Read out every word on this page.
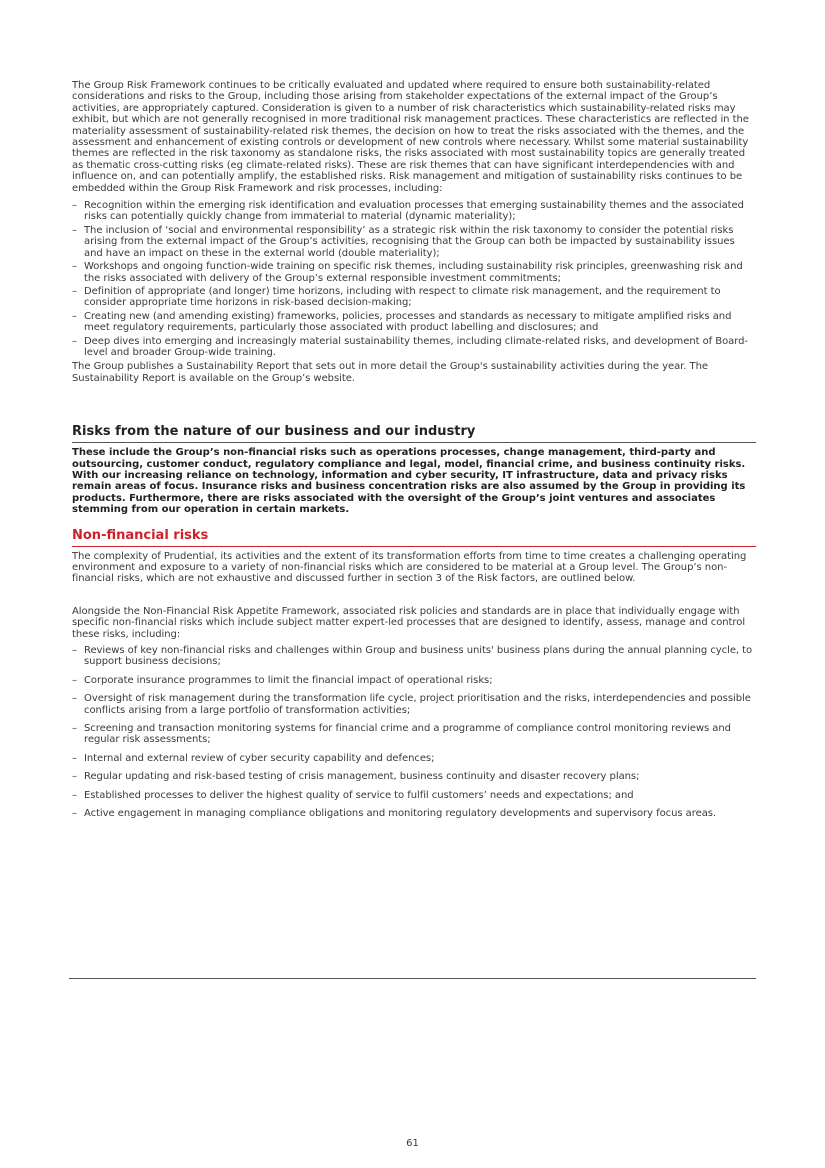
The Group Risk Framework continues to be critically evaluated and updated where required to ensure both sustainability-related considerations and risks to the Group, including those arising from stakeholder expectations of the external impact of the Group’s activities, are appropriately captured. Consideration is given to a number of risk characteristics which sustainability-related risks may exhibit, but which are not generally recognised in more traditional risk management practices. These characteristics are reflected in the materiality assessment of sustainability-related risk themes, the decision on how to treat the risks associated with the themes, and the assessment and enhancement of existing controls or development of new controls where necessary. Whilst some material sustainability themes are reflected in the risk taxonomy as standalone risks, the risks associated with most sustainability topics are generally treated as thematic cross-cutting risks (eg climate-related risks). These are risk themes that can have significant interdependencies with and influence on, and can potentially amplify, the established risks. Risk management and mitigation of sustainability risks continues to be embedded within the Group Risk Framework and risk processes, including:

– Recognition within the emerging risk identification and evaluation processes that emerging sustainability themes and the associated risks can potentially quickly change from immaterial to material (dynamic materiality);
– The inclusion of ‘social and environmental responsibility’ as a strategic risk within the risk taxonomy to consider the potential risks arising from the external impact of the Group’s activities, recognising that the Group can both be impacted by sustainability issues and have an impact on these in the external world (double materiality);
– Workshops and ongoing function-wide training on specific risk themes, including sustainability risk principles, greenwashing risk and the risks associated with delivery of the Group’s external responsible investment commitments;
– Definition of appropriate (and longer) time horizons, including with respect to climate risk management, and the requirement to consider appropriate time horizons in risk-based decision-making;
– Creating new (and amending existing) frameworks, policies, processes and standards as necessary to mitigate amplified risks and meet regulatory requirements, particularly those associated with product labelling and disclosures; and
– Deep dives into emerging and increasingly material sustainability themes, including climate-related risks, and development of Board-level and broader Group-wide training.

The Group publishes a Sustainability Report that sets out in more detail the Group's sustainability activities during the year. The Sustainability Report is available on the Group’s website.

Risks from the nature of our business and our industry
These include the Group’s non-financial risks such as operations processes, change management, third-party and outsourcing, customer conduct, regulatory compliance and legal, model, financial crime, and business continuity risks. With our increasing reliance on technology, information and cyber security, IT infrastructure, data and privacy risks remain areas of focus. Insurance risks and business concentration risks are also assumed by the Group in providing its products. Furthermore, there are risks associated with the oversight of the Group’s joint ventures and associates stemming from our operation in certain markets.
Non-financial risks

The complexity of Prudential, its activities and the extent of its transformation efforts from time to time creates a challenging operating environment and exposure to a variety of non-financial risks which are considered to be material at a Group level. The Group’s non-financial risks, which are not exhaustive and discussed further in section 3 of the Risk factors, are outlined below.

Alongside the Non-Financial Risk Appetite Framework, associated risk policies and standards are in place that individually engage with specific non-financial risks which include subject matter expert-led processes that are designed to identify, assess, manage and control these risks, including:

– Reviews of key non-financial risks and challenges within Group and business units' business plans during the annual planning cycle, to support business decisions;
– Corporate insurance programmes to limit the financial impact of operational risks;
– Oversight of risk management during the transformation life cycle, project prioritisation and the risks, interdependencies and possible conflicts arising from a large portfolio of transformation activities;
– Screening and transaction monitoring systems for financial crime and a programme of compliance control monitoring reviews and regular risk assessments;
– Internal and external review of cyber security capability and defences;
– Regular updating and risk-based testing of crisis management, business continuity and disaster recovery plans;
– Established processes to deliver the highest quality of service to fulfil customers’ needs and expectations; and
– Active engagement in managing compliance obligations and monitoring regulatory developments and supervisory focus areas.
61
